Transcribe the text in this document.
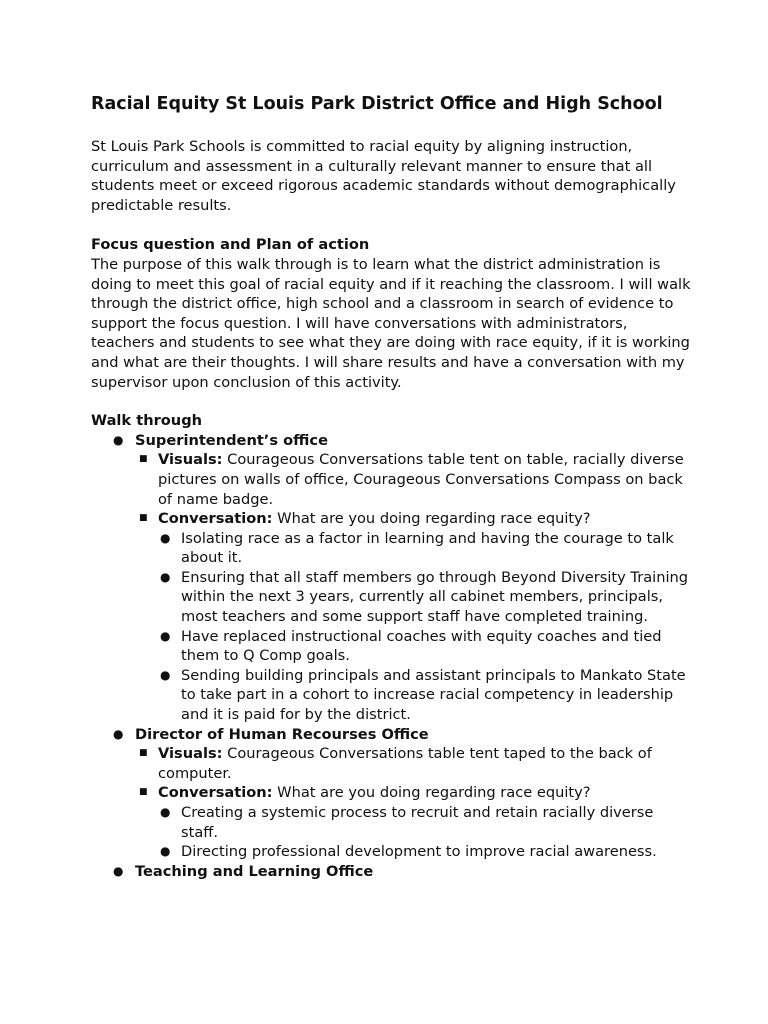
Racial Equity St Louis Park District Office and High School

St Louis Park Schools is committed to racial equity by aligning instruction, curriculum and assessment in a culturally relevant manner to ensure that all students meet or exceed rigorous academic standards without demographically predictable results.

Focus question and Plan of action

The purpose of this walk through is to learn what the district administration is doing to meet this goal of racial equity and if it reaching the classroom. I will walk through the district office, high school and a classroom in search of evidence to support the focus question. I will have conversations with administrators, teachers and students to see what they are doing with race equity, if it is working and what are their thoughts. I will share results and have a conversation with my supervisor upon conclusion of this activity.

Walk through

● Superintendent’s office
■ Visuals: Courageous Conversations table tent on table, racially diverse pictures on walls of office, Courageous Conversations Compass on back of name badge.
■ Conversation: What are you doing regarding race equity?
● Isolating race as a factor in learning and having the courage to talk about it.
● Ensuring that all staff members go through Beyond Diversity Training within the next 3 years, currently all cabinet members, principals, most teachers and some support staff have completed training.
● Have replaced instructional coaches with equity coaches and tied them to Q Comp goals.
● Sending building principals and assistant principals to Mankato State to take part in a cohort to increase racial competency in leadership and it is paid for by the district.
● Director of Human Recourses Office
■ Visuals: Courageous Conversations table tent taped to the back of computer.
■ Conversation: What are you doing regarding race equity?
● Creating a systemic process to recruit and retain racially diverse staff.
● Directing professional development to improve racial awareness.
● Teaching and Learning Office
